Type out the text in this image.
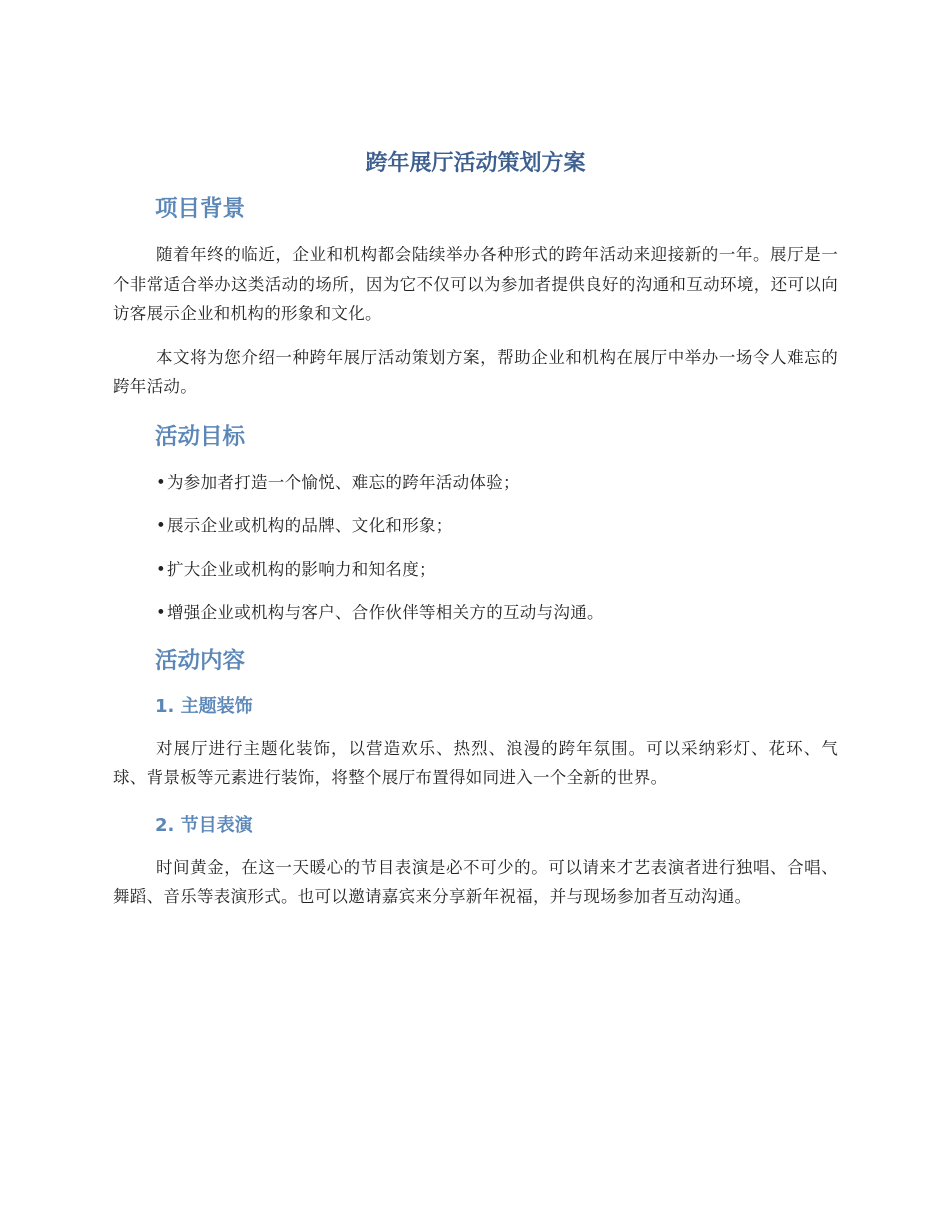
跨年展厅活动策划方案
项目背景

随着年终的临近，企业和机构都会陆续举办各种形式的跨年活动来迎接新的一年。展厅是一个非常适合举办这类活动的场所，因为它不仅可以为参加者提供良好的沟通和互动环境，还可以向访客展示企业和机构的形象和文化。

本文将为您介绍一种跨年展厅活动策划方案，帮助企业和机构在展厅中举办一场令人难忘的跨年活动。

活动目标
•为参加者打造一个愉悦、难忘的跨年活动体验；
•展示企业或机构的品牌、文化和形象；
•扩大企业或机构的影响力和知名度；
•增强企业或机构与客户、合作伙伴等相关方的互动与沟通。
活动内容
1. 主题装饰

对展厅进行主题化装饰，以营造欢乐、热烈、浪漫的跨年氛围。可以采纳彩灯、花环、气球、背景板等元素进行装饰，将整个展厅布置得如同进入一个全新的世界。

2. 节目表演

时间黄金，在这一天暖心的节目表演是必不可少的。可以请来才艺表演者进行独唱、合唱、舞蹈、音乐等表演形式。也可以邀请嘉宾来分享新年祝福，并与现场参加者互动沟通。
